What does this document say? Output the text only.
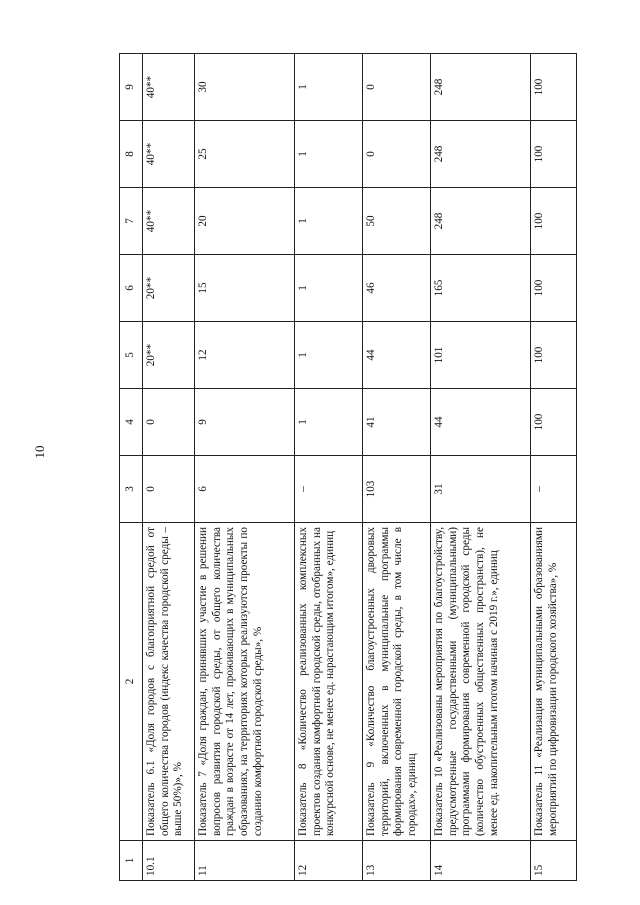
10
1	2	3	4	5	6	7	8	9
10.1	Показатель 6.1 «Доля городов с благоприятной средой от общего количества городов (индекс качества городской среды – выше 50%)», %	0	0	20**	20**	40**	40**	40**
11	Показатель 7 «Доля граждан, принявших участие в решении вопросов развития городской среды, от общего количества граждан в возрасте от 14 лет, проживающих в муниципальных образованиях, на территориях которых реализуются проекты по созданию комфортной городской среды», %	6	9	12	15	20	25	30
12	Показатель 8 «Количество реализованных комплексных проектов создания комфортной городской среды, отобранных на конкурсной основе, не менее ед. нарастающим итогом», единиц	–	1	1	1	1	1	1
13	Показатель 9 «Количество благоустроенных дворовых территорий, включенных в муниципальные программы формирования современной городской среды, в том числе в городах», единиц	103	41	44	46	50	0	0
14	Показатель 10 «Реализованы мероприятия по благоустройству, предусмотренные государственными (муниципальными) программами формирования современной городской среды (количество обустроенных общественных пространств), не менее ед. накопительным итогом начиная с 2019 г.», единиц	31	44	101	165	248	248	248
15	Показатель 11 «Реализация муниципальными образованиями мероприятий по цифровизации городского хозяйства», %	–	100	100	100	100	100	100
